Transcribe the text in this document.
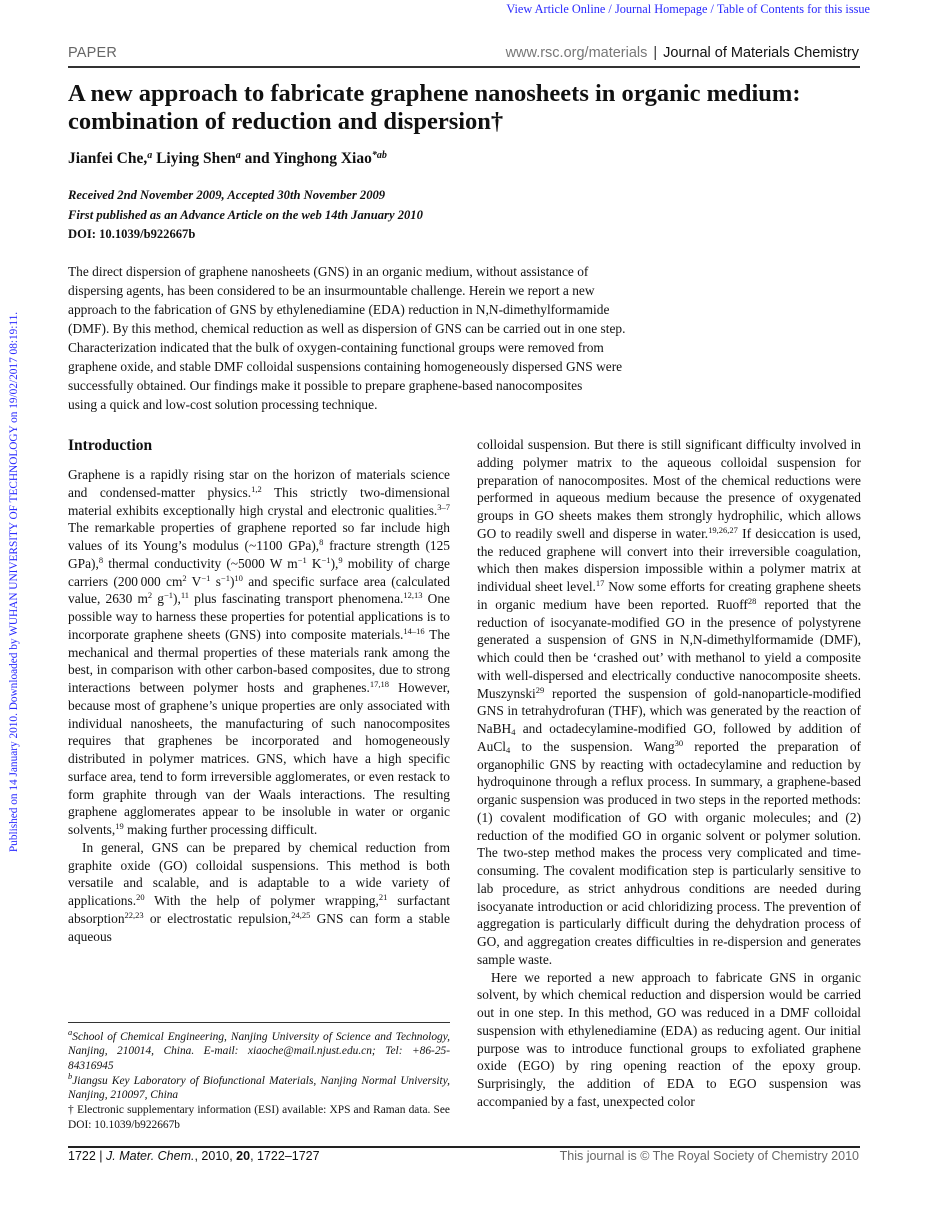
View Article Online / Journal Homepage / Table of Contents for this issue
Published on 14 January 2010. Downloaded by WUHAN UNIVERSITY OF TECHNOLOGY on 19/02/2017 08:19:11.
PAPER	www.rsc.org/materials | Journal of Materials Chemistry
A new approach to fabricate graphene nanosheets in organic medium:
combination of reduction and dispersion†
Jianfei Che,$^a$ Liying Shen$^a$ and Yinghong Xiao$^{*ab}$
Received 2nd November 2009, Accepted 30th November 2009
First published as an Advance Article on the web 14th January 2010
DOI: 10.1039/b922667b
The direct dispersion of graphene nanosheets (GNS) in an organic medium, without assistance of
dispersing agents, has been considered to be an insurmountable challenge. Herein we report a new
approach to the fabrication of GNS by ethylenediamine (EDA) reduction in N,N-dimethylformamide
(DMF). By this method, chemical reduction as well as dispersion of GNS can be carried out in one step.
Characterization indicated that the bulk of oxygen-containing functional groups were removed from
graphene oxide, and stable DMF colloidal suspensions containing homogeneously dispersed GNS were
successfully obtained. Our findings make it possible to prepare graphene-based nanocomposites
using a quick and low-cost solution processing technique.
Introduction

Graphene is a rapidly rising star on the horizon of materials science and condensed-matter physics.$^{1,2}$ This strictly two-dimensional material exhibits exceptionally high crystal and electronic qualities.$^{3-7}$ The remarkable properties of graphene reported so far include high values of its Young’s modulus (~1100 GPa),$^8$ fracture strength (125 GPa),$^8$ thermal conductivity (~5000 W $m^{-1}$ $K^{-1}),^9$ mobility of charge carriers (200 000 $cm^2$ $V^{-1}$ $s^{-1})^{10}$ and specific surface area (calculated value, 2630 $m^2$ $g^{-1}),^{11}$ plus fascinating transport phenomena.$^{12,13}$ One possible way to harness these properties for potential applications is to incorporate graphene sheets (GNS) into composite materials.$^{14-16}$ The mechanical and thermal properties of these materials rank among the best, in comparison with other carbon-based composites, due to strong interactions between polymer hosts and graphenes.$^{17,18}$ However, because most of graphene’s unique properties are only associated with individual nanosheets, the manufacturing of such nanocomposites requires that graphenes be incorporated and homogeneously distributed in polymer matrices. GNS, which have a high specific surface area, tend to form irreversible agglomerates, or even restack to form graphite through van der Waals interactions. The resulting graphene agglomerates appear to be insoluble in water or organic solvents,$^{19}$ making further processing difficult.

In general, GNS can be prepared by chemical reduction from graphite oxide (GO) colloidal suspensions. This method is both versatile and scalable, and is adaptable to a wide variety of applications.$^{20}$ With the help of polymer wrapping,$^{21}$ surfactant absorption$^{22,23}$ or electrostatic repulsion,$^{24,25}$ GNS can form a stable aqueous

colloidal suspension. But there is still significant difficulty involved in adding polymer matrix to the aqueous colloidal suspension for preparation of nanocomposites. Most of the chemical reductions were performed in aqueous medium because the presence of oxygenated groups in GO sheets makes them strongly hydrophilic, which allows GO to readily swell and disperse in water.$^{19,26,27}$ If desiccation is used, the reduced graphene will convert into their irreversible coagulation, which then makes dispersion impossible within a polymer matrix at individual sheet level.$^{17}$ Now some efforts for creating graphene sheets in organic medium have been reported. Ruoff$^{28}$ reported that the reduction of isocyanate-modified GO in the presence of polystyrene generated a suspension of GNS in N,N-dimethylformamide (DMF), which could then be ‘crashed out’ with methanol to yield a composite with well-dispersed and electrically conductive nanocomposite sheets. Muszynski$^{29}$ reported the suspension of gold-nanoparticle-modified GNS in tetrahydrofuran (THF), which was generated by the reaction of NaBH$_4$ and octadecylamine-modified GO, followed by addition of AuCl$_4$ to the suspension. Wang$^{30}$ reported the preparation of organophilic GNS by reacting with octadecylamine and reduction by hydroquinone through a reflux process. In summary, a graphene-based organic suspension was produced in two steps in the reported methods: (1) covalent modification of GO with organic molecules; and (2) reduction of the modified GO in organic solvent or polymer solution. The two-step method makes the process very complicated and time-consuming. The covalent modification step is particularly sensitive to lab procedure, as strict anhydrous conditions are needed during isocyanate introduction or acid chloridizing process. The prevention of aggregation is particularly difficult during the dehydration process of GO, and aggregation creates difficulties in re-dispersion and generates sample waste.

Here we reported a new approach to fabricate GNS in organic solvent, by which chemical reduction and dispersion would be carried out in one step. In this method, GO was reduced in a DMF colloidal suspension with ethylenediamine (EDA) as reducing agent. Our initial purpose was to introduce functional groups to exfoliated graphene oxide (EGO) by ring opening reaction of the epoxy group. Surprisingly, the addition of EDA to EGO suspension was accompanied by a fast, unexpected color

$^a$School of Chemical Engineering, Nanjing University of Science and Technology, Nanjing, 210014, China. E-mail: xiaoche@mail.njust.edu.cn; Tel: +86-25-84316945
$^b$Jiangsu Key Laboratory of Biofunctional Materials, Nanjing Normal University, Nanjing, 210097, China
† Electronic supplementary information (ESI) available: XPS and Raman data. See DOI: 10.1039/b922667b
1722 | J. Mater. Chem., 2010, 20, 1722–1727	This journal is © The Royal Society of Chemistry 2010
